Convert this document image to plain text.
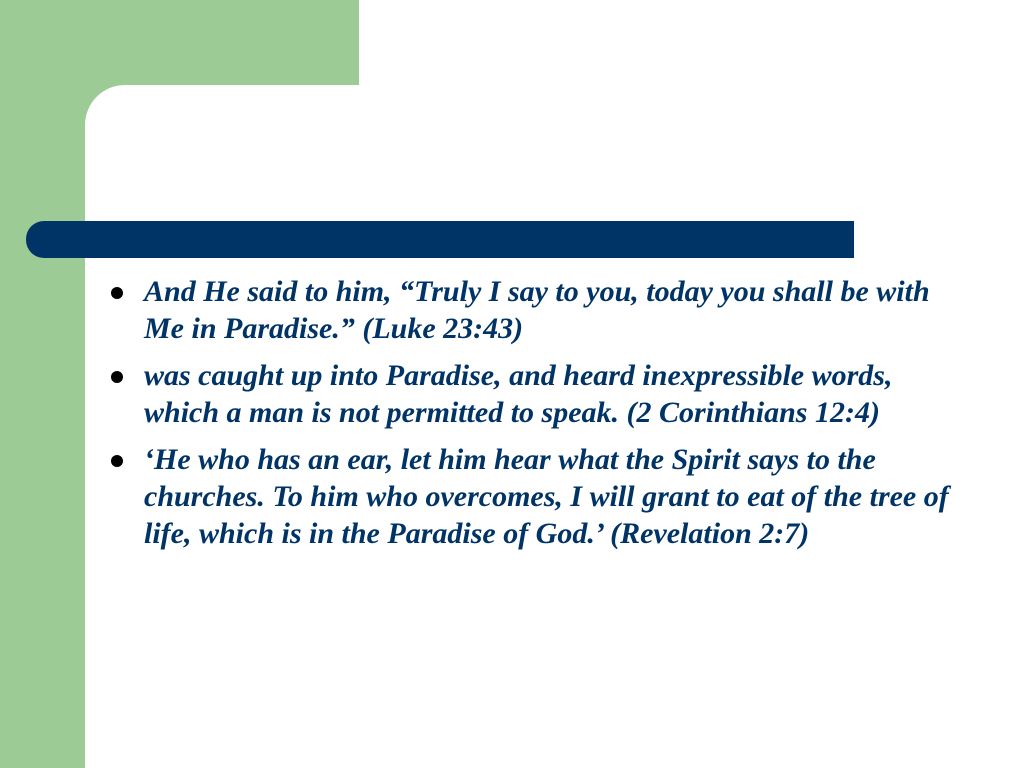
And He said to him, “Truly I say to you, today you shall be with Me in Paradise.” (Luke 23:43)
was caught up into Paradise, and heard inexpressible words, which a man is not permitted to speak. (2 Corinthians 12:4)
‘He who has an ear, let him hear what the Spirit says to the churches. To him who overcomes, I will grant to eat of the tree of life, which is in the Paradise of God.’ (Revelation 2:7)
